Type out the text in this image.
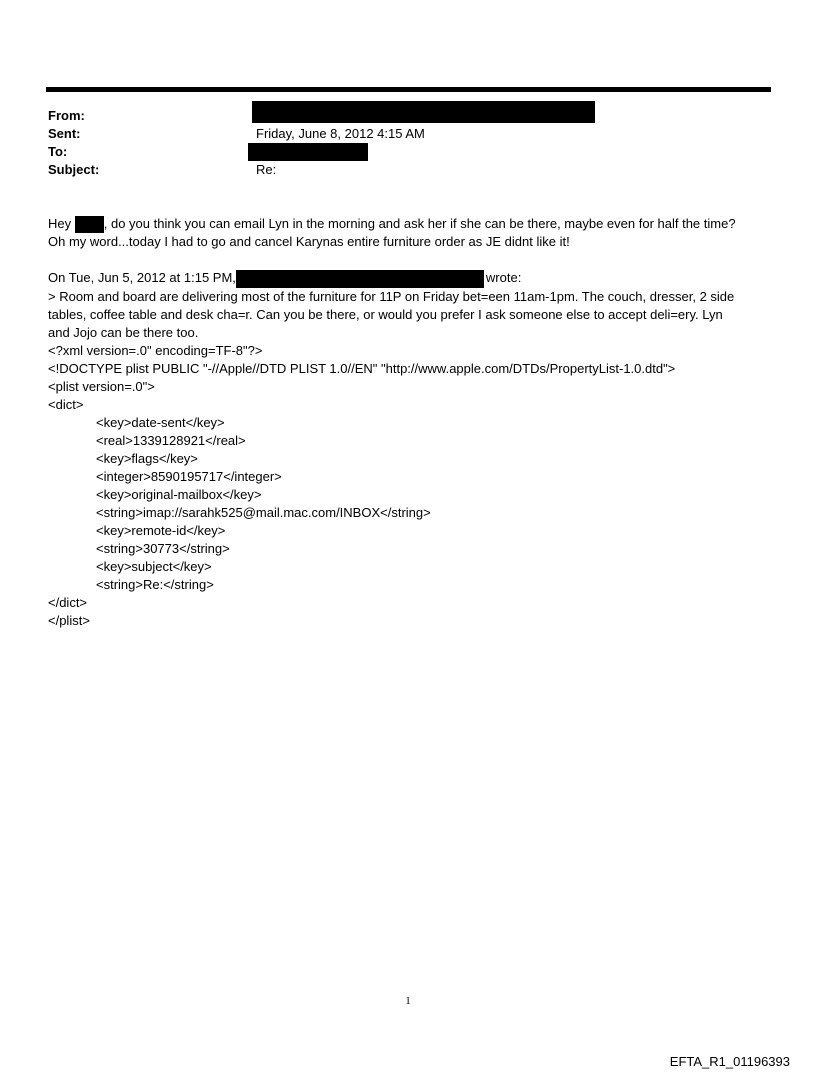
From:
Sent:	Friday, June 8, 2012 4:15 AM
To:
Subject:	Re:

Hey , do you think you can email Lyn in the morning and ask her if she can be there, maybe even for half the time?

Oh my word...today I had to go and cancel Karynas entire furniture order as JE didnt like it!

On Tue, Jun 5, 2012 at 1:15 PM,	wrote:

> Room and board are delivering most of the furniture for 11P on Friday bet=een 11am-1pm. The couch, dresser, 2 side

tables, coffee table and desk cha=r. Can you be there, or would you prefer I ask someone else to accept deli=ery. Lyn

and Jojo can be there too.

<?xml version=.0" encoding=TF-8"?>

<!DOCTYPE plist PUBLIC "-//Apple//DTD PLIST 1.0//EN" "http://www.apple.com/DTDs/PropertyList-1.0.dtd">

<plist version=.0">

<dict>

<key>date-sent</key>

<real>1339128921</real>

<key>flags</key>

<integer>8590195717</integer>

<key>original-mailbox</key>

<string>imap://sarahk525@mail.mac.com/INBOX</string>

<key>remote-id</key>

<string>30773</string>

<key>subject</key>

<string>Re:</string>

</dict>

</plist>

1
EFTA_R1_01196393
